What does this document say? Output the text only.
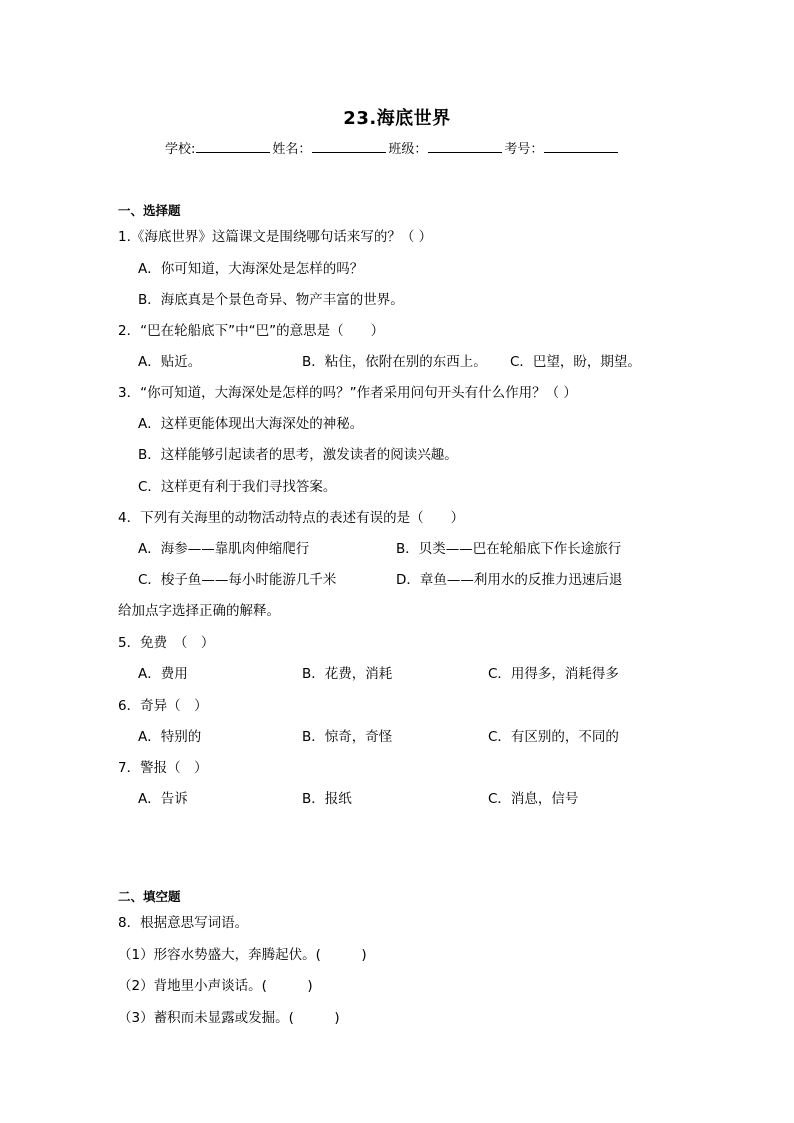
23.海底世界
学校:	姓名：	班级：	考号：
一、选择题
1.《海底世界》这篇课文是围绕哪句话来写的？（ ）
A．你可知道，大海深处是怎样的吗？
B．海底真是个景色奇异、物产丰富的世界。
2．“巴在轮船底下”中“巴”的意思是（　　）
A．贴近。	B．粘住，依附在别的东西上。 C．巴望，盼，期望。
3．“你可知道，大海深处是怎样的吗？”作者采用问句开头有什么作用？（ ）
A．这样更能体现出大海深处的神秘。
B．这样能够引起读者的思考，激发读者的阅读兴趣。
C．这样更有利于我们寻找答案。
4．下列有关海里的动物活动特点的表述有误的是（　　）
A．海参——靠肌肉伸缩爬行	B．贝类——巴在轮船底下作长途旅行
C．梭子鱼——每小时能游几千米	D．章鱼——利用水的反推力迅速后退
给加点字选择正确的解释。
5．免费　（　）
A．费用	B．花费，消耗	C．用得多，消耗得多
6．奇异（　）
A．特别的	B．惊奇，奇怪	C．有区别的，不同的
7．警报（　）
A．告诉	B．报纸	C．消息，信号
二、填空题
8．根据意思写词语。
（1）形容水势盛大，奔腾起伏。(　　　)
（2）背地里小声谈话。(　　　)
（3）蓄积而未显露或发掘。(　　　)
